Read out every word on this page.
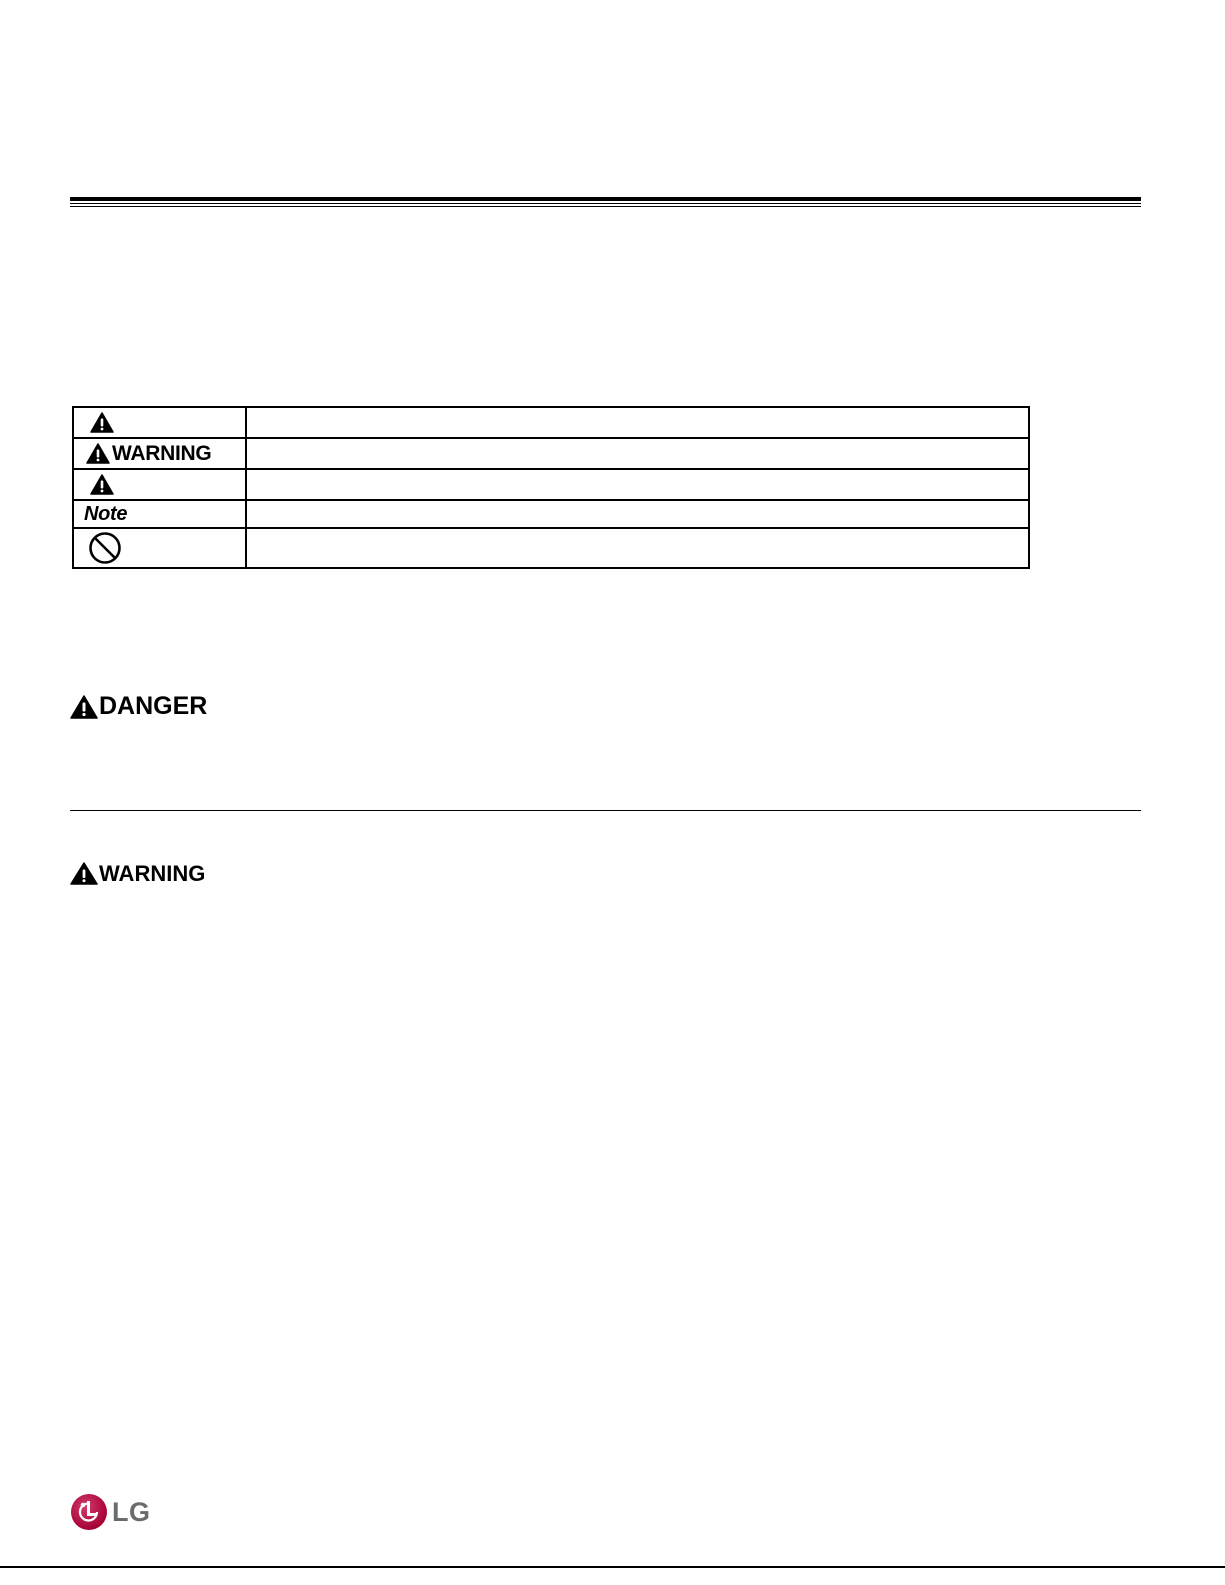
WARNING	

Note	

DANGER
WARNING
LG
